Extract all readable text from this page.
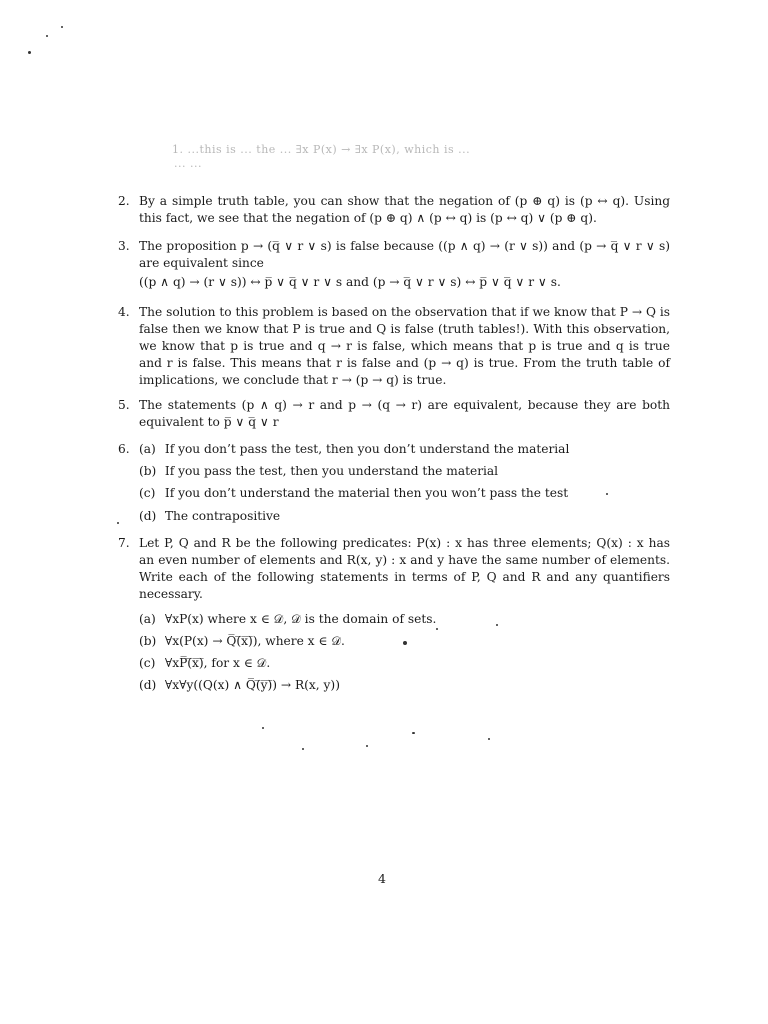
1. ...this is ... the ... ∃x P(x) → ∃x P(x), which is ...
... ...
2. By a simple truth table, you can show that the negation of (p ⊕ q) is (p ↔ q). Using
this fact, we see that the negation of (p ⊕ q) ∧ (p ↔ q) is (p ↔ q) ∨ (p ⊕ q).
3. The proposition p → (q̅ ∨ r ∨ s) is false because ((p ∧ q) → (r ∨ s)) and (p → q̅ ∨ r ∨ s)
are equivalent since
((p ∧ q) → (r ∨ s)) ↔ p̅ ∨ q̅ ∨ r ∨ s and (p → q̅ ∨ r ∨ s) ↔ p̅ ∨ q̅ ∨ r ∨ s.
4. The solution to this problem is based on the observation that if we know that P → Q is
false then we know that P is true and Q is false (truth tables!). With this observation,
we know that p is true and q → r is false, which means that p is true and q is true
and r is false. This means that r is false and (p → q) is true. From the truth table of
implications, we conclude that r → (p → q) is true.
5. The statements (p ∧ q) → r and p → (q → r) are equivalent, because they are both
equivalent to p̅ ∨ q̅ ∨ r
6. (a) If you don’t pass the test, then you don’t understand the material
(b) If you pass the test, then you understand the material
(c) If you don’t understand the material then you won’t pass the test
(d) The contrapositive
7. Let P, Q and R be the following predicates: P(x) : x has three elements; Q(x) : x has
an even number of elements and R(x, y) : x and y have the same number of elements.
Write each of the following statements in terms of P, Q and R and any quantifiers
necessary.
(a) ∀xP(x) where x ∈ 𝒟, 𝒟 is the domain of sets.
(b) ∀x(P(x) → Q̅(̅x̅)̅), where x ∈ 𝒟.
(c) ∀xP̅(̅x̅)̅, for x ∈ 𝒟.
(d) ∀x∀y((Q(x) ∧ Q̅(̅y̅)̅) → R(x, y))
4
